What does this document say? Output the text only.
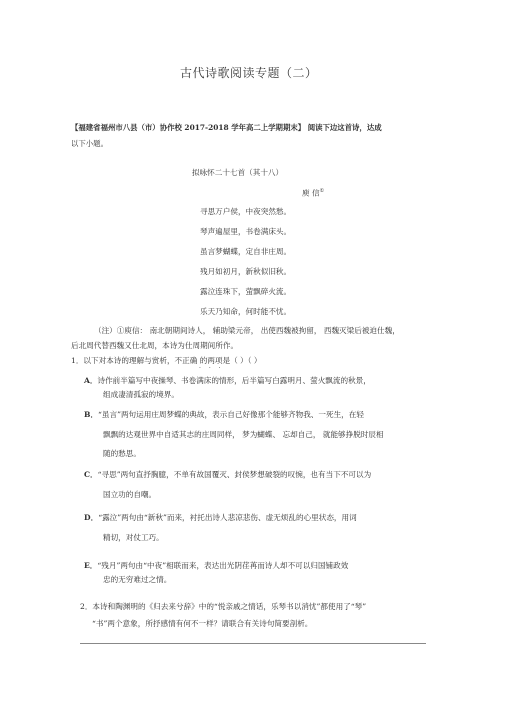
古代诗歌阅读专题（二）
【福建省福州市八县（市）协作校 2017-2018 学年高二上学期期末】 阅读下边这首诗，达成
以下小题。
拟咏怀二十七首（其十八）
庾 信①
寻思万户侯，中夜突然愁。
琴声遍屋里，书卷满床头。
虽言梦蝴蝶，定自非庄周。
残月如初月，新秋似旧秋。
露泣连珠下，萤飘碎火流。
乐天乃知命，何时能不忧。
（注）①庾信： 南北朝期间诗人， 辅助梁元帝， 出使西魏被拘留， 西魏灭梁后被迫仕魏，
后北周代替西魏又仕北周，本诗为仕周期间所作。
1．以下对本诗的理解与赏析，不正确 的两项是（ ）（ ）
· · ·
A．诗作前半篇写中夜操琴、书卷满床的情形，后半篇写白露明月、萤火飘流的秋景，
组成凄清孤寂的境界。
B．“虽言”两句运用庄周梦蝶的典故，表示自己好像那个能够齐物我、一死生，在轻
飘飘的达观世界中自适其志的庄周同样， 梦为蝴蝶、 忘却自己， 就能够挣脱时辰相
随的愁思。
C．“寻思”两句直抒胸臆，不单有故国覆灭、封侯梦想破裂的叹惋，也有当下不可以为
国立功的自嘲。
D．“露泣”两句由“新秋”而来，衬托出诗人悲凉悲伤、虚无烦乱的心里状态，用词
精切，对仗工巧。
E．“残月”两句由“中夜”相联而来，表达出光阴荏苒而诗人却不可以归国铺政效
忠的无穷难过之情。
2．本诗和陶渊明的《归去来兮辞》中的“悦亲戚之情话，乐琴书以消忧”都使用了“琴”
“书”两个意象，所抒感情有何不一样？请联合有关诗句简要剖析。
